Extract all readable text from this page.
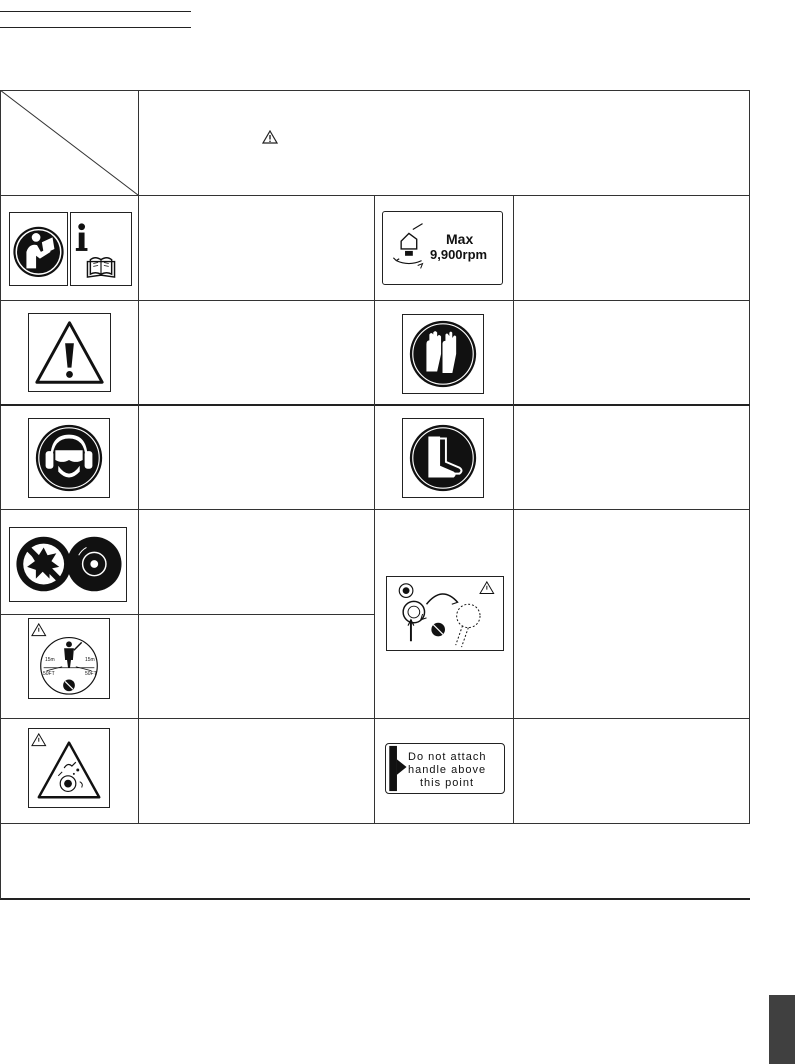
Max
9,900rpm
15m
50FT
15m
50FT
Do not attach
handle above
this point
